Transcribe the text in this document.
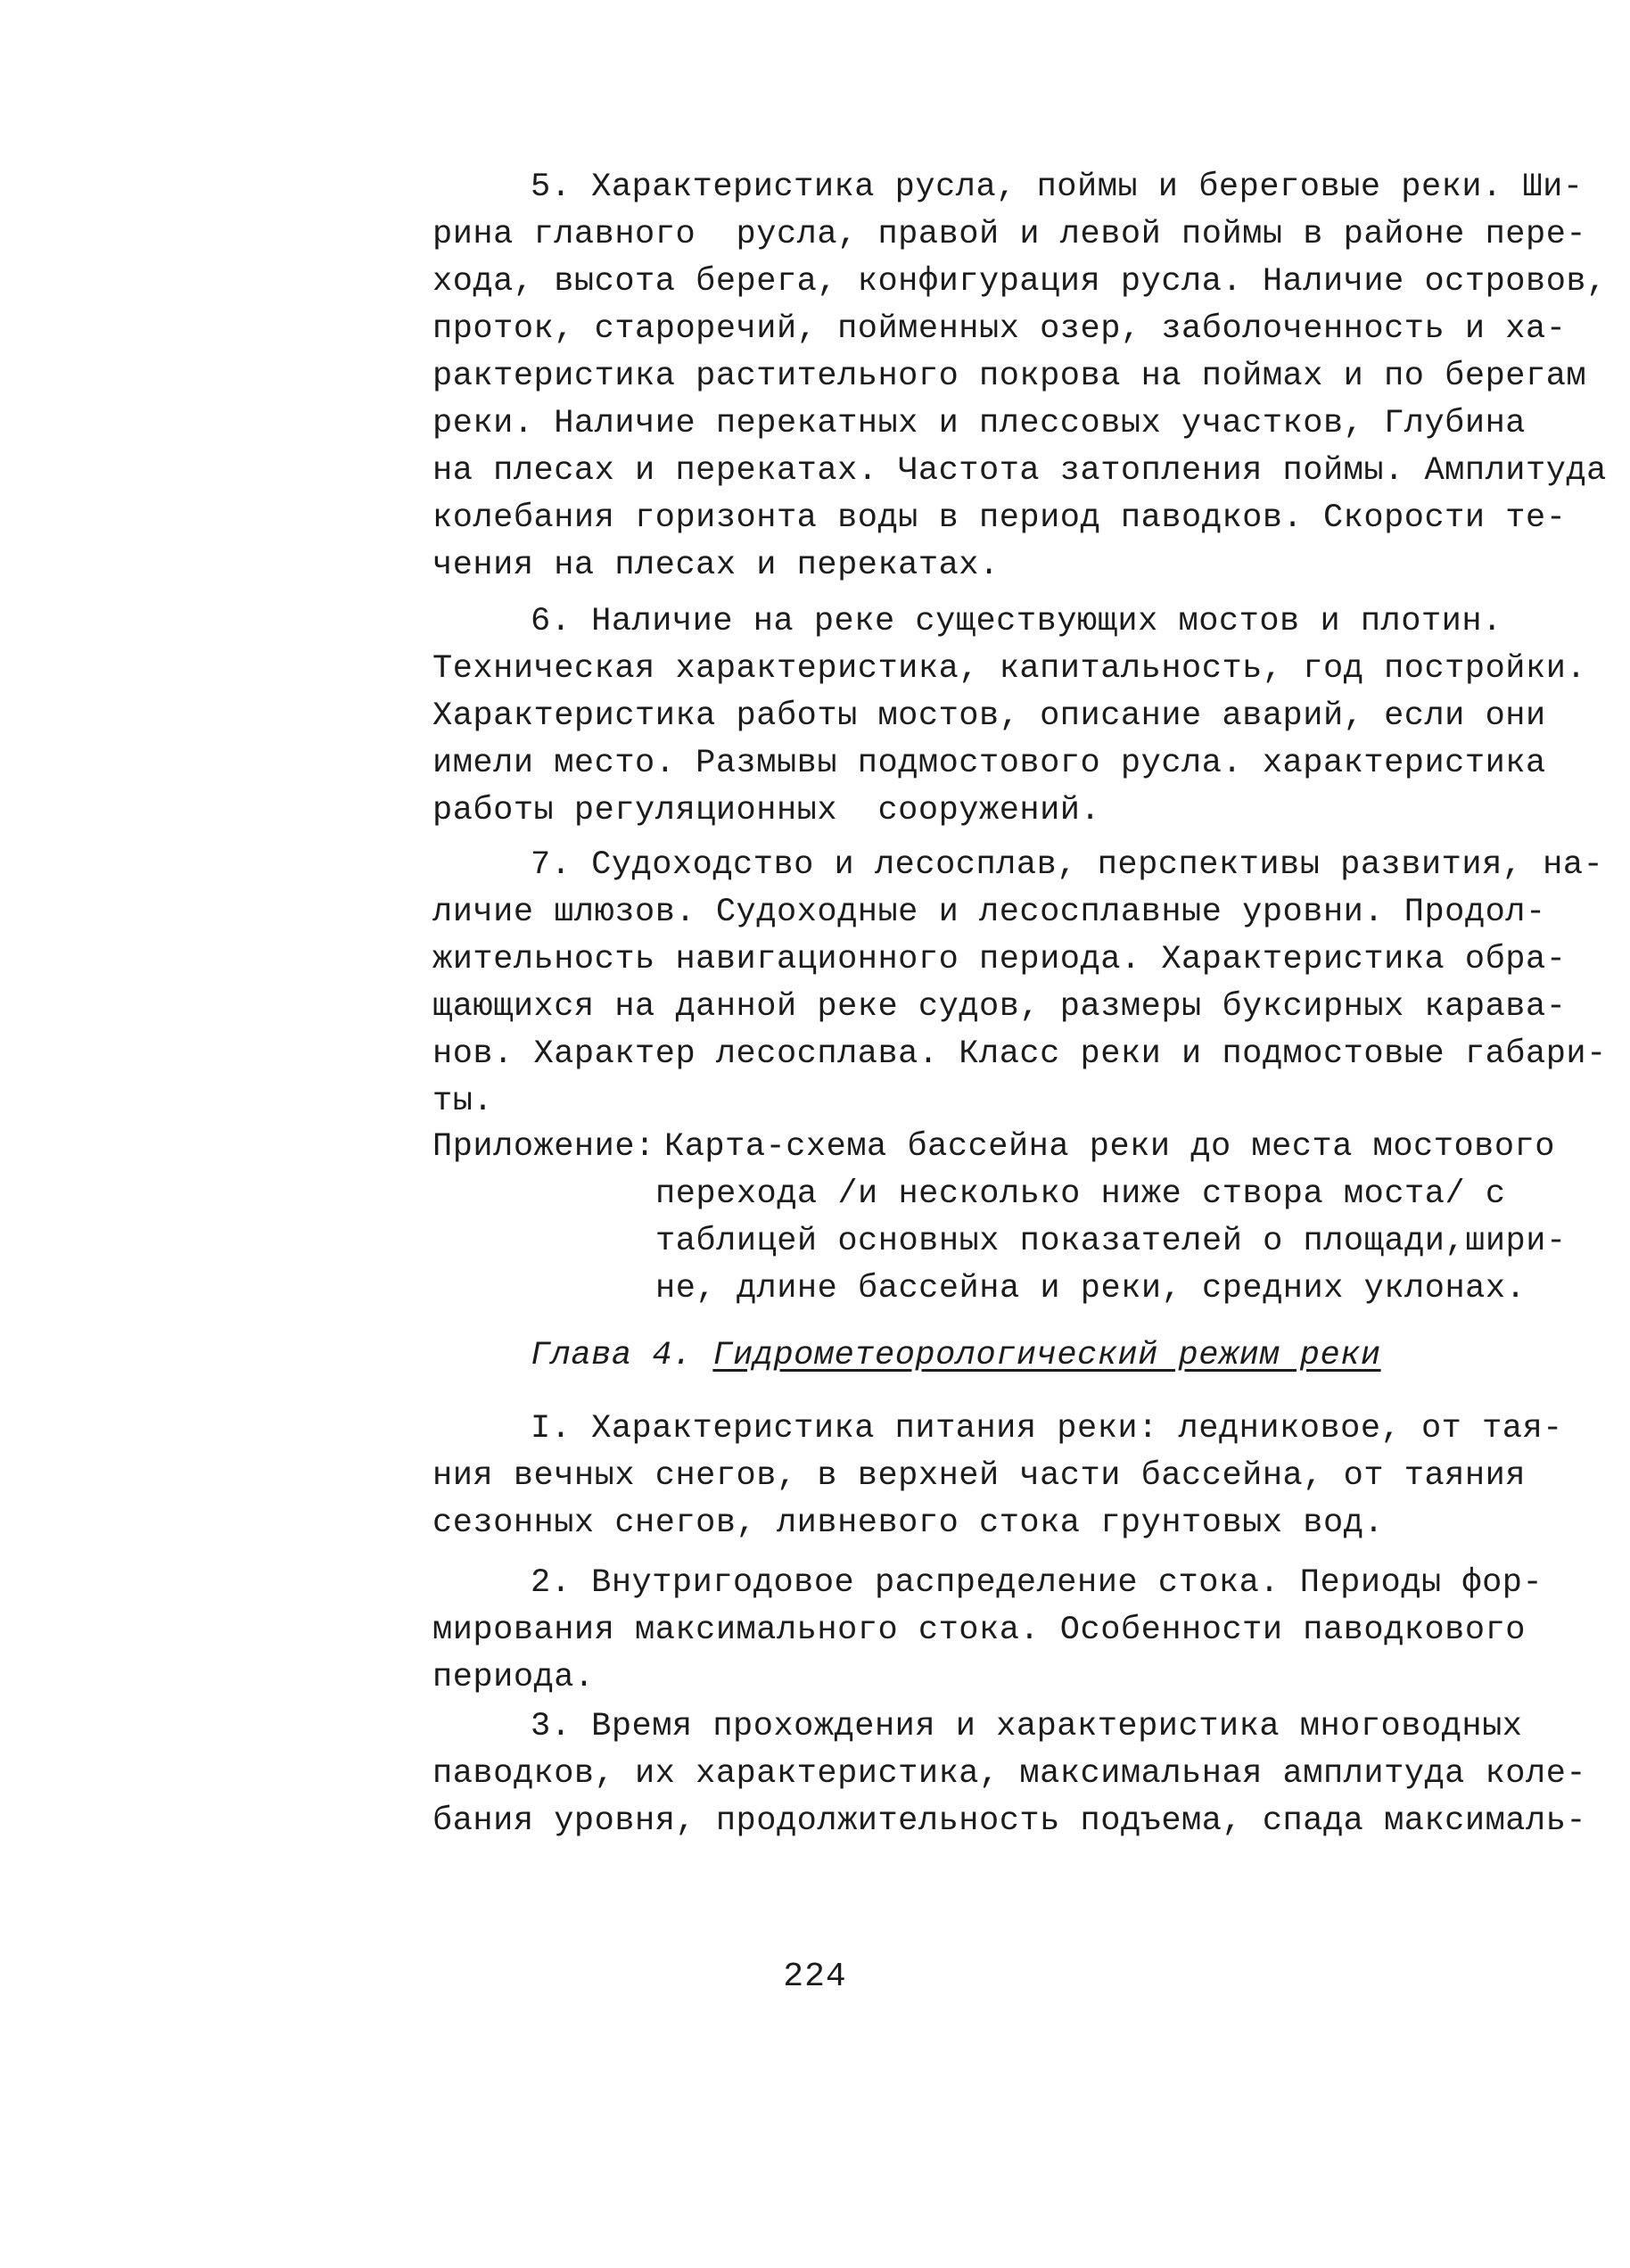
5. Характеристика русла, поймы и береговые реки. Ши-
рина главного  русла, правой и левой поймы в районе пере-
хода, высота берега, конфигурация русла. Наличие островов,
проток, староречий, пойменных озер, заболоченность и ха-
рактеристика растительного покрова на поймах и по берегам
реки. Наличие перекатных и плессовых участков, Глубина
на плесах и перекатах. Частота затопления поймы. Амплитуда
колебания горизонта воды в период паводков. Скорости те-
чения на плесах и перекатах.
6. Наличие на реке существующих мостов и плотин.
Техническая характеристика, капитальность, год постройки.
Характеристика работы мостов, описание аварий, если они
имели место. Размывы подмостового русла. характеристика
работы регуляционных  сооружений.
7. Судоходство и лесосплав, перспективы развития, на-
личие шлюзов. Судоходные и лесосплавные уровни. Продол-
жительность навигационного периода. Характеристика обра-
щающихся на данной реке судов, размеры буксирных карава-
нов. Характер лесосплава. Класс реки и подмостовые габари-
ты.
Приложение: Карта-схема бассейна реки до места мостового
перехода /и несколько ниже створа моста/ с
таблицей основных показателей о площади,шири-
не, длине бассейна и реки, средних уклонах.
Глава 4. Гидрометеорологический режим реки
I. Характеристика питания реки: ледниковое, от тая-
ния вечных снегов, в верхней части бассейна, от таяния
сезонных снегов, ливневого стока грунтовых вод.
2. Внутригодовое распределение стока. Периоды фор-
мирования максимального стока. Особенности паводкового
периода.
3. Время прохождения и характеристика многоводных
паводков, их характеристика, максимальная амплитуда коле-
бания уровня, продолжительность подъема, спада максималь-
224
